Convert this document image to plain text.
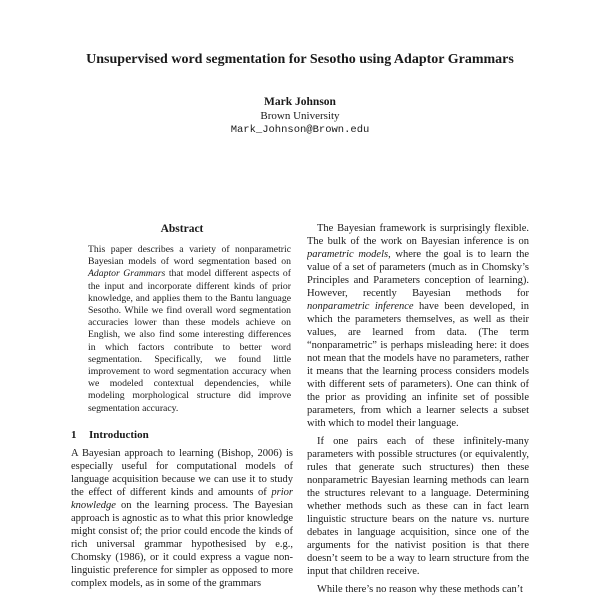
Unsupervised word segmentation for Sesotho using Adaptor Grammars
Mark Johnson
Brown University
Mark_Johnson@Brown.edu
Abstract
This paper describes a variety of nonparametric Bayesian models of word segmentation based on Adaptor Grammars that model different aspects of the input and incorporate different kinds of prior knowledge, and applies them to the Bantu language Sesotho. While we find overall word segmentation accuracies lower than these models achieve on English, we also find some interesting differences in which factors contribute to better word segmentation. Specifically, we found little improvement to word segmentation accuracy when we modeled contextual dependencies, while modeling morphological structure did improve segmentation accuracy.
1 Introduction

A Bayesian approach to learning (Bishop, 2006) is especially useful for computational models of language acquisition because we can use it to study the effect of different kinds and amounts of prior knowledge on the learning process. The Bayesian approach is agnostic as to what this prior knowledge might consist of; the prior could encode the kinds of rich universal grammar hypothesised by e.g., Chomsky (1986), or it could express a vague non-linguistic preference for simpler as opposed to more complex models, as in some of the grammars

The Bayesian framework is surprisingly flexible. The bulk of the work on Bayesian inference is on parametric models, where the goal is to learn the value of a set of parameters (much as in Chomsky’s Principles and Parameters conception of learning). However, recently Bayesian methods for nonparametric inference have been developed, in which the parameters themselves, as well as their values, are learned from data. (The term “nonparametric” is perhaps misleading here: it does not mean that the models have no parameters, rather it means that the learning process considers models with different sets of parameters). One can think of the prior as providing an infinite set of possible parameters, from which a learner selects a subset with which to model their language.

If one pairs each of these infinitely-many parameters with possible structures (or equivalently, rules that generate such structures) then these nonparametric Bayesian learning methods can learn the structures relevant to a language. Determining whether methods such as these can in fact learn linguistic structure bears on the nature vs. nurture debates in language acquisition, since one of the arguments for the nativist position is that there doesn’t seem to be a way to learn structure from the input that children receive.

While there’s no reason why these methods can’t
